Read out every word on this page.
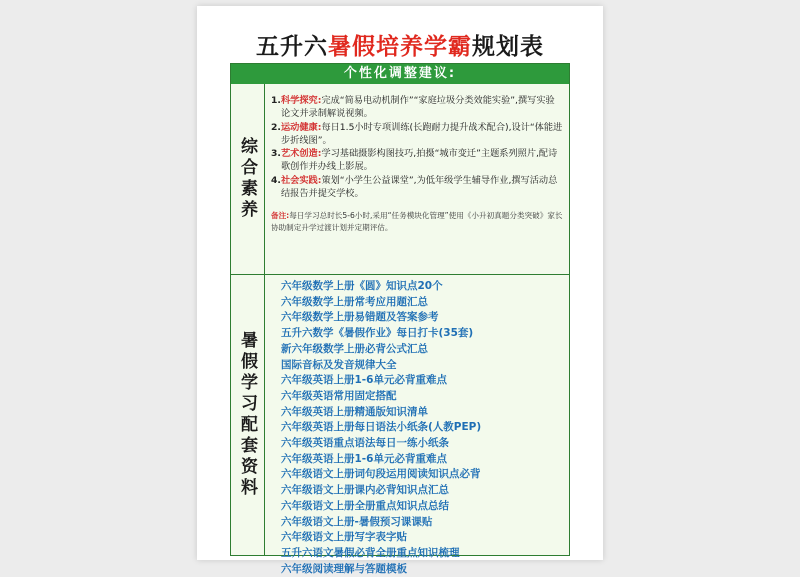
五升六暑假培养学霸规划表
个性化调整建议:
综合素养
1. 科学探究:完成“简易电动机制作”“家庭垃圾分类效能实验”,撰写实验论文并录制解说视频。
2. 运动健康:每日1.5小时专项训练(长跑耐力提升战术配合),设计“体能进步折线图”。
3. 艺术创造:学习基础摄影构图技巧,拍摄“城市变迁”主题系列照片,配诗歌创作并办线上影展。
4. 社会实践:策划“小学生公益课堂”,为低年级学生辅导作业,撰写活动总结报告并提交学校。
备注:每日学习总时长5-6小时,采用“任务模块化管理”使用《小升初真题分类突破》家长协助制定升学过渡计划并定期评估。
暑假学习配套资料
六年级数学上册《圆》知识点20个
六年级数学上册常考应用题汇总
六年级数学上册易错题及答案参考
五升六数学《暑假作业》每日打卡(35套)
新六年级数学上册必背公式汇总
国际音标及发音规律大全
六年级英语上册1-6单元必背重难点
六年级英语常用固定搭配
六年级英语上册精通版知识清单
六年级英语上册每日语法小纸条(人教PEP)
六年级英语重点语法每日一练小纸条
六年级英语上册1-6单元必背重难点
六年级语文上册词句段运用阅读知识点必背
六年级语文上册课内必背知识点汇总
六年级语文上册全册重点知识点总结
六年级语文上册-暑假预习课课贴
六年级语文上册写字表字贴
五升六语文暑假必背全册重点知识梳理
六年级阅读理解与答题模板
